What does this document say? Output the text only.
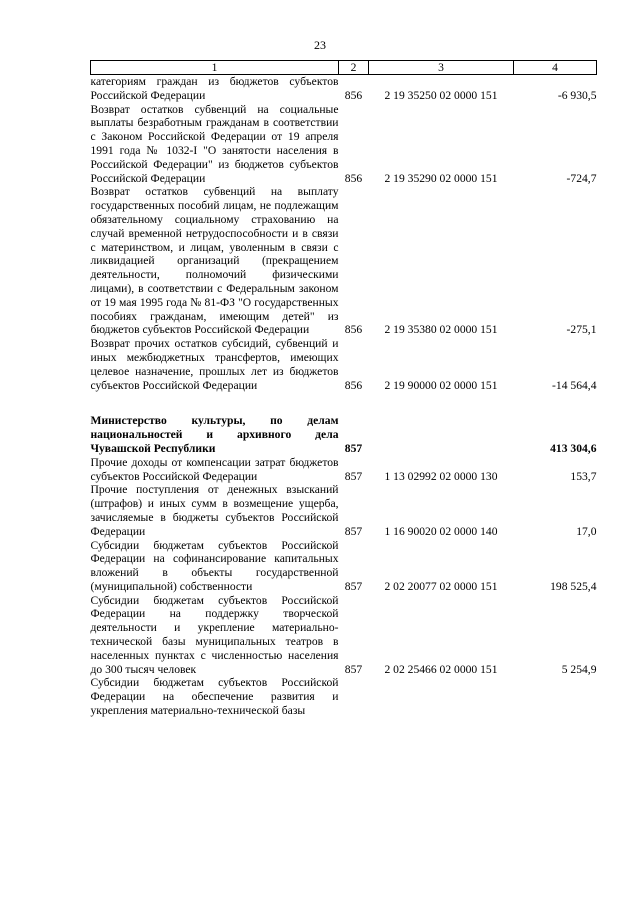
23
1	2	3	4
категориям граждан из бюджетов субъектов Российской Федерации	856	2 19 35250 02 0000 151	-6 930,5
Возврат остатков субвенций на социальные выплаты безработным гражданам в соответствии с Законом Российской Федерации от 19 апреля 1991 года № 1032-I "О занятости населения в Российской Федерации" из бюджетов субъектов Российской Федерации	856	2 19 35290 02 0000 151	-724,7
Возврат остатков субвенций на выплату государственных пособий лицам, не подлежащим обязательному социальному страхованию на случай временной нетрудоспособности и в связи с материнством, и лицам, уволенным в связи с ликвидацией организаций (прекращением деятельности, полномочий физическими лицами), в соответствии с Федеральным законом от 19 мая 1995 года № 81-ФЗ "О государственных пособиях гражданам, имеющим детей" из бюджетов субъектов Российской Федерации	856	2 19 35380 02 0000 151	-275,1
Возврат прочих остатков субсидий, субвенций и иных межбюджетных трансфертов, имеющих целевое назначение, прошлых лет из бюджетов субъектов Российской Федерации	856	2 19 90000 02 0000 151	-14 564,4

Министерство культуры, по делам национальностей и архивного дела Чувашской Республики	857		413 304,6
Прочие доходы от компенсации затрат бюджетов субъектов Российской Федерации	857	1 13 02992 02 0000 130	153,7
Прочие поступления от денежных взысканий (штрафов) и иных сумм в возмещение ущерба, зачисляемые в бюджеты субъектов Российской Федерации	857	1 16 90020 02 0000 140	17,0
Субсидии бюджетам субъектов Российской Федерации на софинансирование капитальных вложений в объекты государственной (муниципальной) собственности	857	2 02 20077 02 0000 151	198 525,4
Субсидии бюджетам субъектов Российской Федерации на поддержку творческой деятельности и укрепление материально-технической базы муниципальных театров в населенных пунктах с численностью населения до 300 тысяч человек	857	2 02 25466 02 0000 151	5 254,9
Субсидии бюджетам субъектов Российской Федерации на обеспечение развития и укрепления материально-технической базы			
